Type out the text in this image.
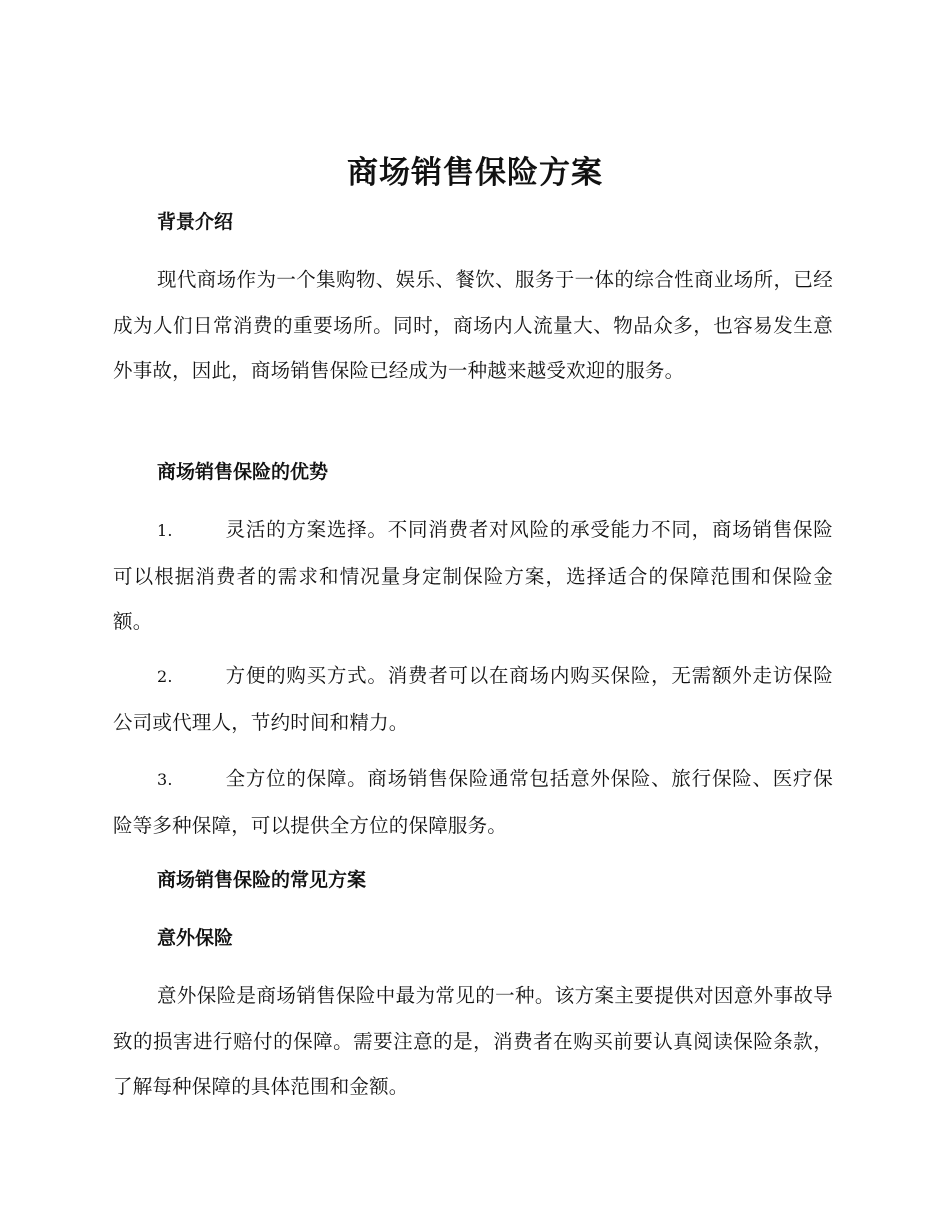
商场销售保险方案
背景介绍
现代商场作为一个集购物、娱乐、餐饮、服务于一体的综合性商业场所，已经成为人们日常消费的重要场所。同时，商场内人流量大、物品众多，也容易发生意外事故，因此，商场销售保险已经成为一种越来越受欢迎的服务。
商场销售保险的优势
1.	灵活的方案选择。不同消费者对风险的承受能力不同，商场销售保险可以根据消费者的需求和情况量身定制保险方案，选择适合的保障范围和保险金额。
2.	方便的购买方式。消费者可以在商场内购买保险，无需额外走访保险公司或代理人，节约时间和精力。
3.	全方位的保障。商场销售保险通常包括意外保险、旅行保险、医疗保险等多种保障，可以提供全方位的保障服务。
商场销售保险的常见方案
意外保险
意外保险是商场销售保险中最为常见的一种。该方案主要提供对因意外事故导致的损害进行赔付的保障。需要注意的是，消费者在购买前要认真阅读保险条款，了解每种保障的具体范围和金额。
